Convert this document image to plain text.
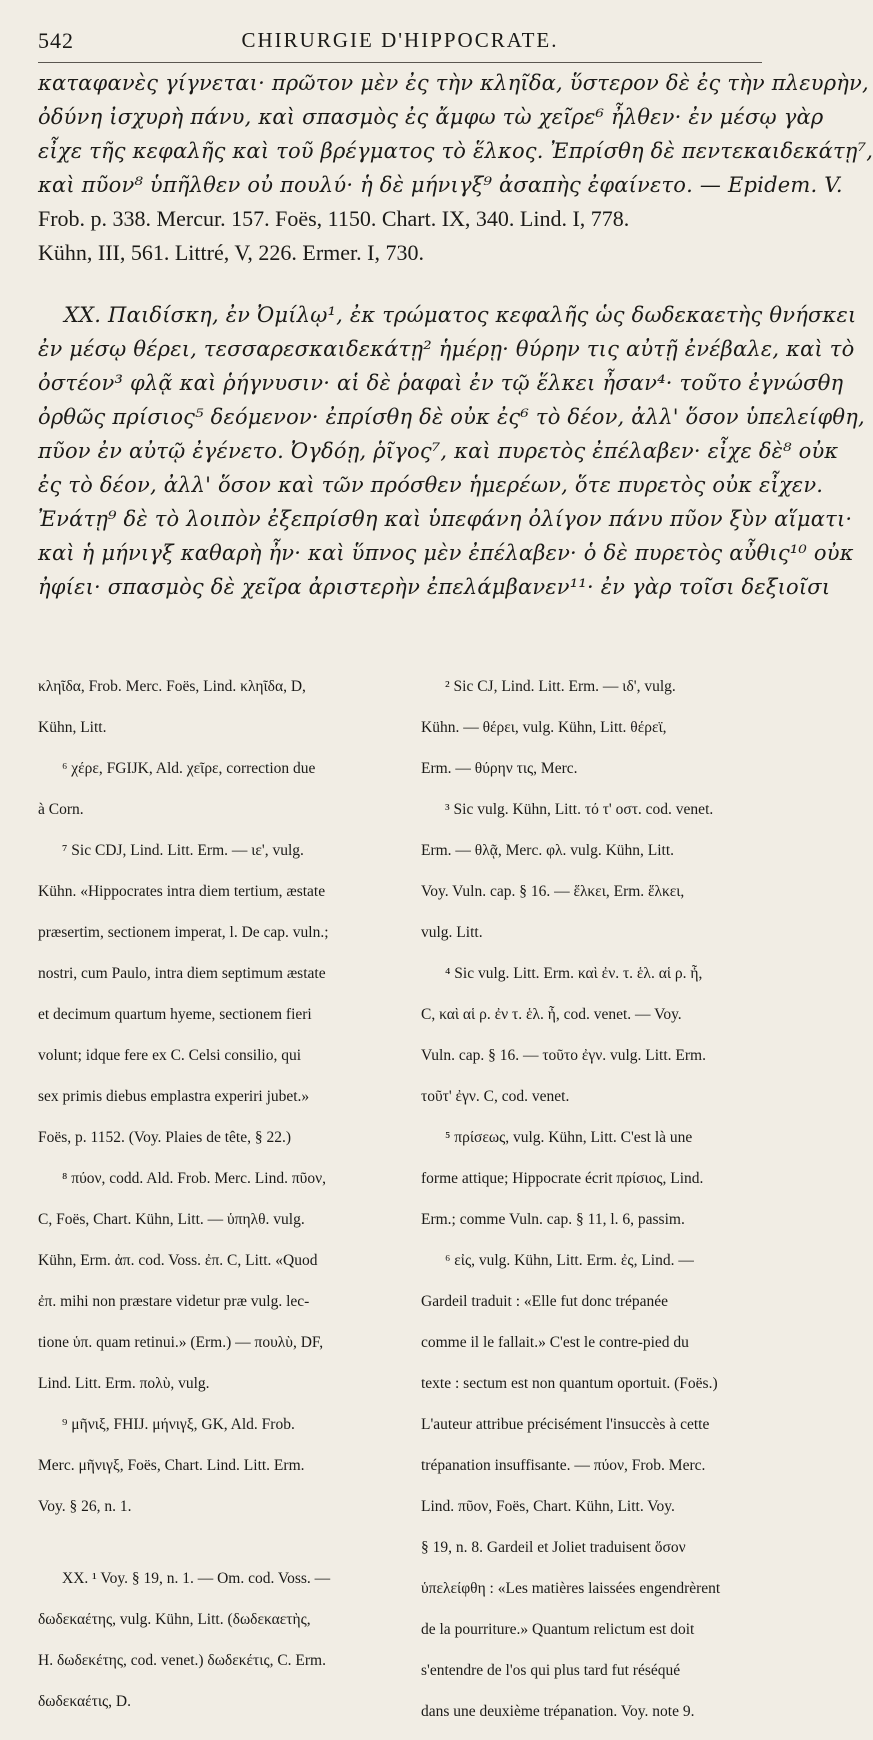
542	CHIRURGIE D'HIPPOCRATE.

καταφανὲς γίγνεται· πρῶτον μὲν ἐς τὴν κληῖδα, ὕστερον δὲ ἐς τὴν πλευρὴν,

ὀδύνη ἰσχυρὴ πάνυ, καὶ σπασμὸς ἐς ἄμφω τὼ χεῖρε⁶ ἦλθεν· ἐν μέσῳ γὰρ

εἶχε τῆς κεφαλῆς καὶ τοῦ βρέγματος τὸ ἕλκος. Ἐπρίσθη δὲ πεντεκαιδεκάτῃ⁷,

καὶ πῦον⁸ ὑπῆλθεν οὐ πουλύ· ἡ δὲ μήνιγξ⁹ ἀσαπὴς ἐφαίνετο. — Epidem. V.

Frob. p. 338. Mercur. 157. Foës, 1150. Chart. IX, 340. Lind. I, 778.

Kühn, III, 561. Littré, V, 226. Ermer. I, 730.

XX. Παιδίσκη, ἐν Ὀμίλῳ¹, ἐκ τρώματος κεφαλῆς ὡς δωδεκαετὴς θνήσκει

ἐν μέσῳ θέρει, τεσσαρεσκαιδεκάτῃ² ἡμέρῃ· θύρην τις αὐτῇ ἐνέβαλε, καὶ τὸ

ὀστέον³ φλᾷ καὶ ῥήγνυσιν· αἱ δὲ ῥαφαὶ ἐν τῷ ἕλκει ἦσαν⁴· τοῦτο ἐγνώσθη

ὀρθῶς πρίσιος⁵ δεόμενον· ἐπρίσθη δὲ οὐκ ἐς⁶ τὸ δέον, ἀλλ' ὅσον ὑπελείφθη,

πῦον ἐν αὐτῷ ἐγένετο. Ὀγδόῃ, ῥῖγος⁷, καὶ πυρετὸς ἐπέλαβεν· εἶχε δὲ⁸ οὐκ

ἐς τὸ δέον, ἀλλ' ὅσον καὶ τῶν πρόσθεν ἡμερέων, ὅτε πυρετὸς οὐκ εἶχεν.

Ἐνάτῃ⁹ δὲ τὸ λοιπὸν ἐξεπρίσθη καὶ ὑπεφάνη ὀλίγον πάνυ πῦον ξὺν αἵματι·

καὶ ἡ μήνιγξ καθαρὴ ἦν· καὶ ὕπνος μὲν ἐπέλαβεν· ὁ δὲ πυρετὸς αὖθις¹⁰ οὐκ

ἠφίει· σπασμὸς δὲ χεῖρα ἀριστερὴν ἐπελάμβανεν¹¹· ἐν γὰρ τοῖσι δεξιοῖσι

κληῖδα, Frob. Merc. Foës, Lind. κληῖδα, D,

Kühn, Litt.

⁶ χέρε, FGIJK, Ald. χεῖρε, correction due

à Corn.

⁷ Sic CDJ, Lind. Litt. Erm. — ιε', vulg.

Kühn. «Hippocrates intra diem tertium, æstate

præsertim, sectionem imperat, l. De cap. vuln.;

nostri, cum Paulo, intra diem septimum æstate

et decimum quartum hyeme, sectionem fieri

volunt; idque fere ex C. Celsi consilio, qui

sex primis diebus emplastra experiri jubet.»

Foës, p. 1152. (Voy. Plaies de tête, § 22.)

⁸ πύον, codd. Ald. Frob. Merc. Lind. πῦον,

C, Foës, Chart. Kühn, Litt. — ὑπηλθ. vulg.

Kühn, Erm. ἀπ. cod. Voss. ἐπ. C, Litt. «Quod

ἐπ. mihi non præstare videtur præ vulg. lec-

tione ὑπ. quam retinui.» (Erm.) — πουλὺ, DF,

Lind. Litt. Erm. πολὺ, vulg.

⁹ μῆνιξ, FHIJ. μήνιγξ, GK, Ald. Frob.

Merc. μῆνιγξ, Foës, Chart. Lind. Litt. Erm.

Voy. § 26, n. 1.

XX. ¹ Voy. § 19, n. 1. — Om. cod. Voss. —

δωδεκαέτης, vulg. Kühn, Litt. (δωδεκαετὴς,

H. δωδεκέτης, cod. venet.) δωδεκέτις, C. Erm.

δωδεκαέτις, D.

² Sic CJ, Lind. Litt. Erm. — ιδ', vulg.

Kühn. — θέρει, vulg. Kühn, Litt. θέρεϊ,

Erm. — θύρην τις, Merc.

³ Sic vulg. Kühn, Litt. τό τ' οστ. cod. venet.

Erm. — θλᾷ, Merc. φλ. vulg. Kühn, Litt.

Voy. Vuln. cap. § 16. — ἕλκει, Erm. ἕλκει,

vulg. Litt.

⁴ Sic vulg. Litt. Erm. καὶ ἐν. τ. ἑλ. αἱ ρ. ἦ,

C, καὶ αἱ ρ. ἐν τ. ἑλ. ἦ, cod. venet. — Voy.

Vuln. cap. § 16. — τοῦτο ἐγν. vulg. Litt. Erm.

τοῦτ' ἐγν. C, cod. venet.

⁵ πρίσεως, vulg. Kühn, Litt. C'est là une

forme attique; Hippocrate écrit πρίσιος, Lind.

Erm.; comme Vuln. cap. § 11, l. 6, passim.

⁶ εἰς, vulg. Kühn, Litt. Erm. ἐς, Lind. —

Gardeil traduit : «Elle fut donc trépanée

comme il le fallait.» C'est le contre-pied du

texte : sectum est non quantum oportuit. (Foës.)

L'auteur attribue précisément l'insuccès à cette

trépanation insuffisante. — πύον, Frob. Merc.

Lind. πῦον, Foës, Chart. Kühn, Litt. Voy.

§ 19, n. 8. Gardeil et Joliet traduisent ὅσον

ὑπελείφθη : «Les matières laissées engendrèrent

de la pourriture.» Quantum relictum est doit

s'entendre de l'os qui plus tard fut réséqué

dans une deuxième trépanation. Voy. note 9.
